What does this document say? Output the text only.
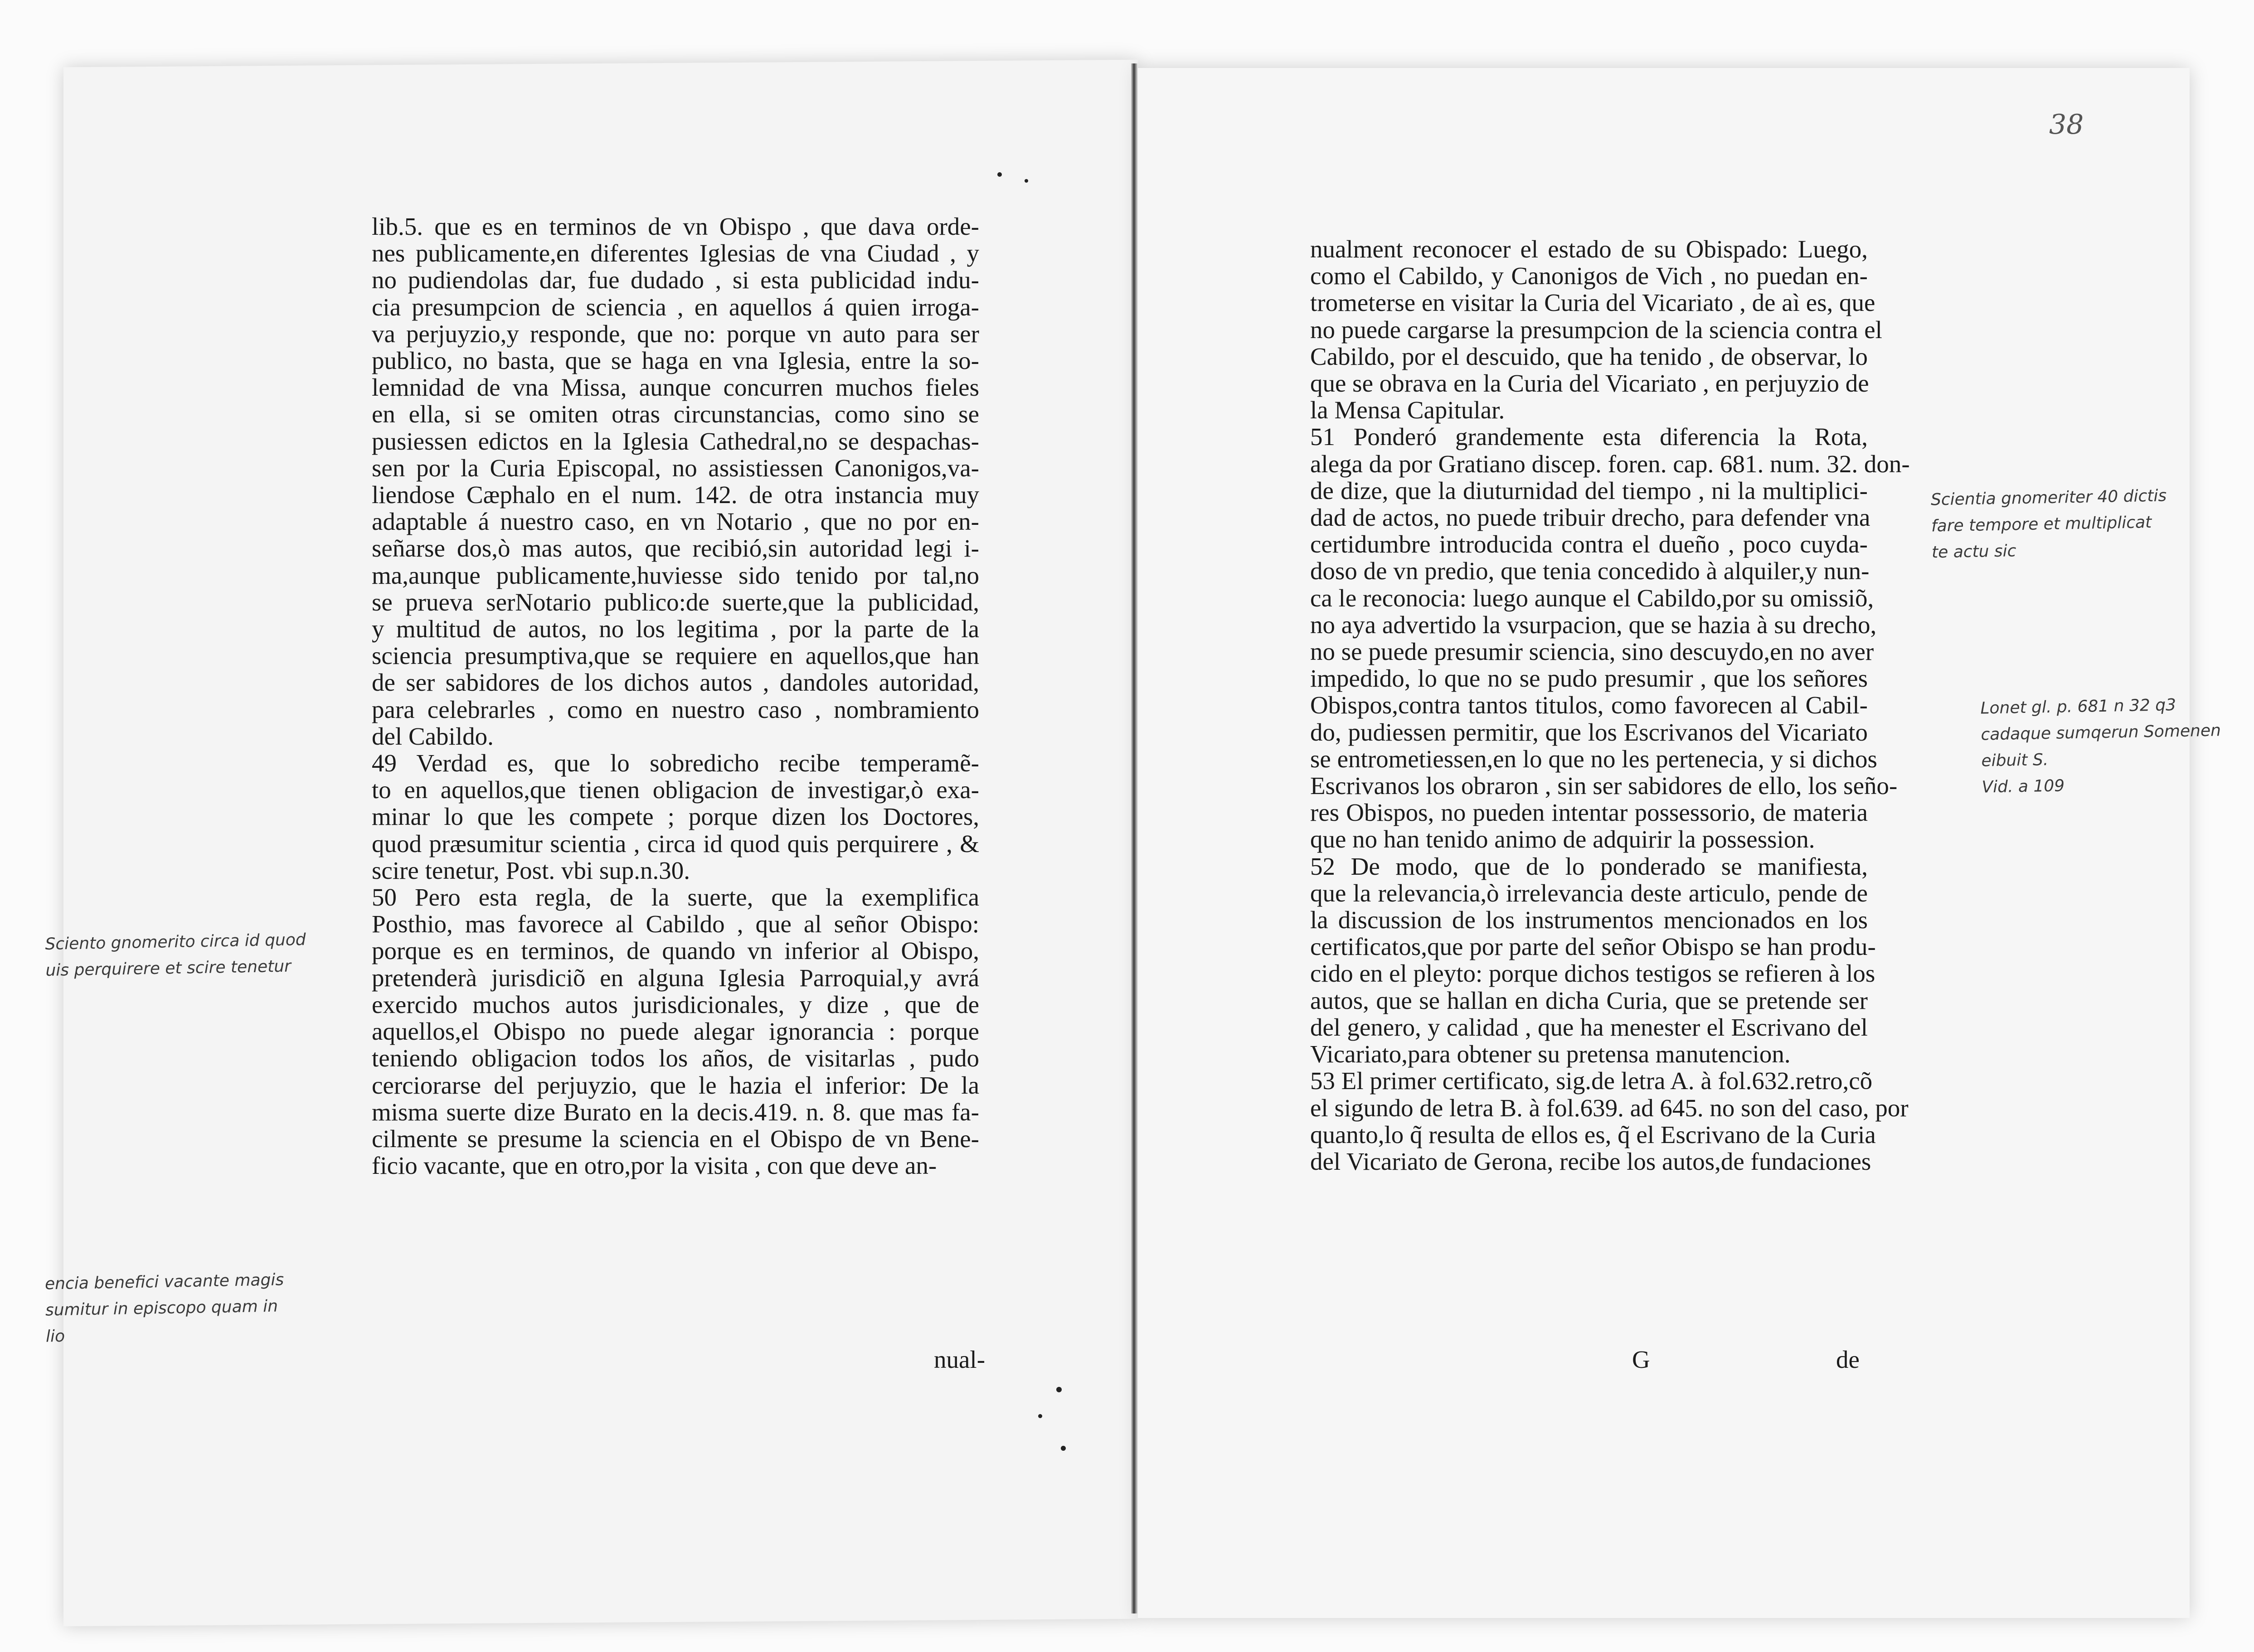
38
lib.5. que es en terminos de vn Obispo , que dava orde-
nes publicamente,en diferentes Iglesias de vna Ciudad , y
no pudiendolas dar, fue dudado , si esta publicidad indu-
cia presumpcion de sciencia , en aquellos á quien irroga-
va perjuyzio,y responde, que no: porque vn auto para ser
publico, no basta, que se haga en vna Iglesia, entre la so-
lemnidad de vna Missa, aunque concurren muchos fieles
en ella, si se omiten otras circunstancias, como sino se
pusiessen edictos en la Iglesia Cathedral,no se despachas-
sen por la Curia Episcopal, no assistiessen Canonigos,va-
liendose Cæphalo en el num. 142. de otra instancia muy
adaptable á nuestro caso, en vn Notario , que no por en-
señarse dos,ò mas autos, que recibió,sin autoridad legi i-
ma,aunque publicamente,huviesse sido tenido por tal,no
se prueva serNotario publico:de suerte,que la publicidad,
y multitud de autos, no los legitima , por la parte de la
sciencia presumptiva,que se requiere en aquellos,que han
de ser sabidores de los dichos autos , dandoles autoridad,
para celebrarles , como en nuestro caso , nombramiento
del Cabildo.
49 Verdad es, que lo sobredicho recibe temperamẽ-
to en aquellos,que tienen obligacion de investigar,ò exa-
minar lo que les compete ; porque dizen los Doctores,
quod præsumitur scientia , circa id quod quis perquirere , &
scire tenetur, Post. vbi sup.n.30.
50 Pero esta regla, de la suerte, que la exemplifica
Posthio, mas favorece al Cabildo , que al señor Obispo:
porque es en terminos, de quando vn inferior al Obispo,
pretenderà jurisdiciõ en alguna Iglesia Parroquial,y avrá
exercido muchos autos jurisdicionales, y dize , que de
aquellos,el Obispo no puede alegar ignorancia : porque
teniendo obligacion todos los años, de visitarlas , pudo
cerciorarse del perjuyzio, que le hazia el inferior: De la
misma suerte dize Burato en la decis.419. n. 8. que mas fa-
cilmente se presume la sciencia en el Obispo de vn Bene-
ficio vacante, que en otro,por la visita , con que deve an-
nualment reconocer el estado de su Obispado: Luego,
como el Cabildo, y Canonigos de Vich , no puedan en-
trometerse en visitar la Curia del Vicariato , de aì es, que
no puede cargarse la presumpcion de la sciencia contra el
Cabildo, por el descuido, que ha tenido , de observar, lo
que se obrava en la Curia del Vicariato , en perjuyzio de
la Mensa Capitular.
51 Ponderó grandemente esta diferencia la Rota,
alega da por Gratiano discep. foren. cap. 681. num. 32. don-
de dize, que la diuturnidad del tiempo , ni la multiplici-
dad de actos, no puede tribuir drecho, para defender vna
certidumbre introducida contra el dueño , poco cuyda-
doso de vn predio, que tenia concedido à alquiler,y nun-
ca le reconocia: luego aunque el Cabildo,por su omissiõ,
no aya advertido la vsurpacion, que se hazia à su drecho,
no se puede presumir sciencia, sino descuydo,en no aver
impedido, lo que no se pudo presumir , que los señores
Obispos,contra tantos titulos, como favorecen al Cabil-
do, pudiessen permitir, que los Escrivanos del Vicariato
se entrometiessen,en lo que no les pertenecia, y si dichos
Escrivanos los obraron , sin ser sabidores de ello, los seño-
res Obispos, no pueden intentar possessorio, de materia
que no han tenido animo de adquirir la possession.
52 De modo, que de lo ponderado se manifiesta,
que la relevancia,ò irrelevancia deste articulo, pende de
la discussion de los instrumentos mencionados en los
certificatos,que por parte del señor Obispo se han produ-
cido en el pleyto: porque dichos testigos se refieren à los
autos, que se hallan en dicha Curia, que se pretende ser
del genero, y calidad , que ha menester el Escrivano del
Vicariato,para obtener su pretensa manutencion.
53 El primer certificato, sig.de letra A. à fol.632.retro,cõ
el sigundo de letra B. à fol.639. ad 645. no son del caso, por
quanto,lo q̃ resulta de ellos es, q̃ el Escrivano de la Curia
del Vicariato de Gerona, recibe los autos,de fundaciones
nual-	G	de
Sciento gnomerito circa id quod
uis perquirere et scire tenetur
encia benefici vacante magis
sumitur in episcopo quam in
lio
Scientia gnomeriter 40 dictis
fare tempore et multiplicat
te actu sic
Lonet gl. p. 681 n 32 q3
cadaque sumqerun Somenen
eibuit S.
Vid. a 109
